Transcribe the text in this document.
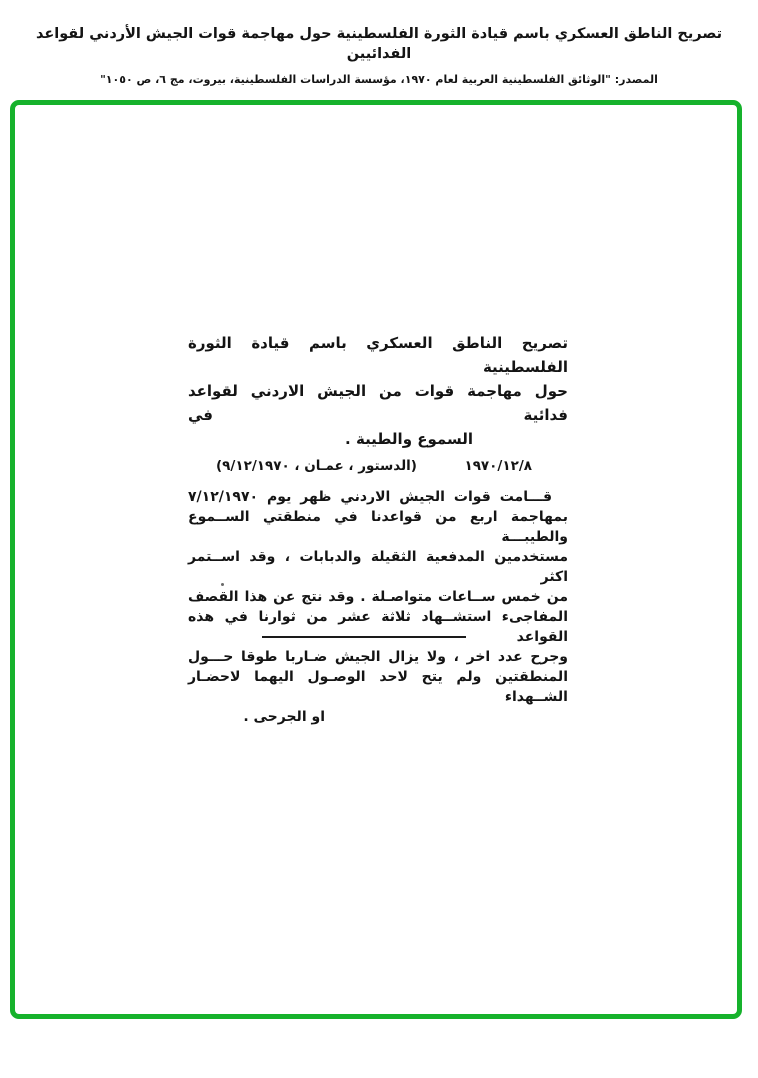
تصريح الناطق العسكري باسم قيادة الثورة الفلسطينية حول مهاجمة قوات الجيش الأردني لقواعد الفدائيين
المصدر: "الوثائق الفلسطينية العربية لعام ١٩٧٠، مؤسسة الدراسات الفلسطينية، بيروت، مج ٦، ص ١٠٥٠"
تصريح الناطق العسكري باسم قيادة الثورة الفلسطينية
حول مهاجمة قوات من الجيش الاردني لقواعد فدائية في
السموع والطيبة .
١٩٧٠/١٢/٨
(الدستور ، عمـان ، ٩/١٢/١٩٧٠)
قـــامت قوات الجيش الاردني ظهر يوم ٧/١٢/١٩٧٠
بمهاجمة اربع من قواعدنا في منطقتي الســموع والطيبـــة
مستخدمين المدفعية الثقيلة والدبابات ، وقد اســتمر اكثر
من خمس ســاعات متواصـلة . وقد نتج عن هذا القصف
المفاجىء استشــهاد ثلاثة عشر من ثوارنا في هذه القواعد
وجرح عدد اخر ، ولا يزال الجيش ضـاربا طوقا حـــول
المنطقتين ولم يتح لاحد الوصـول اليهما لاحضـار الشــهداء
او الجرحى .
